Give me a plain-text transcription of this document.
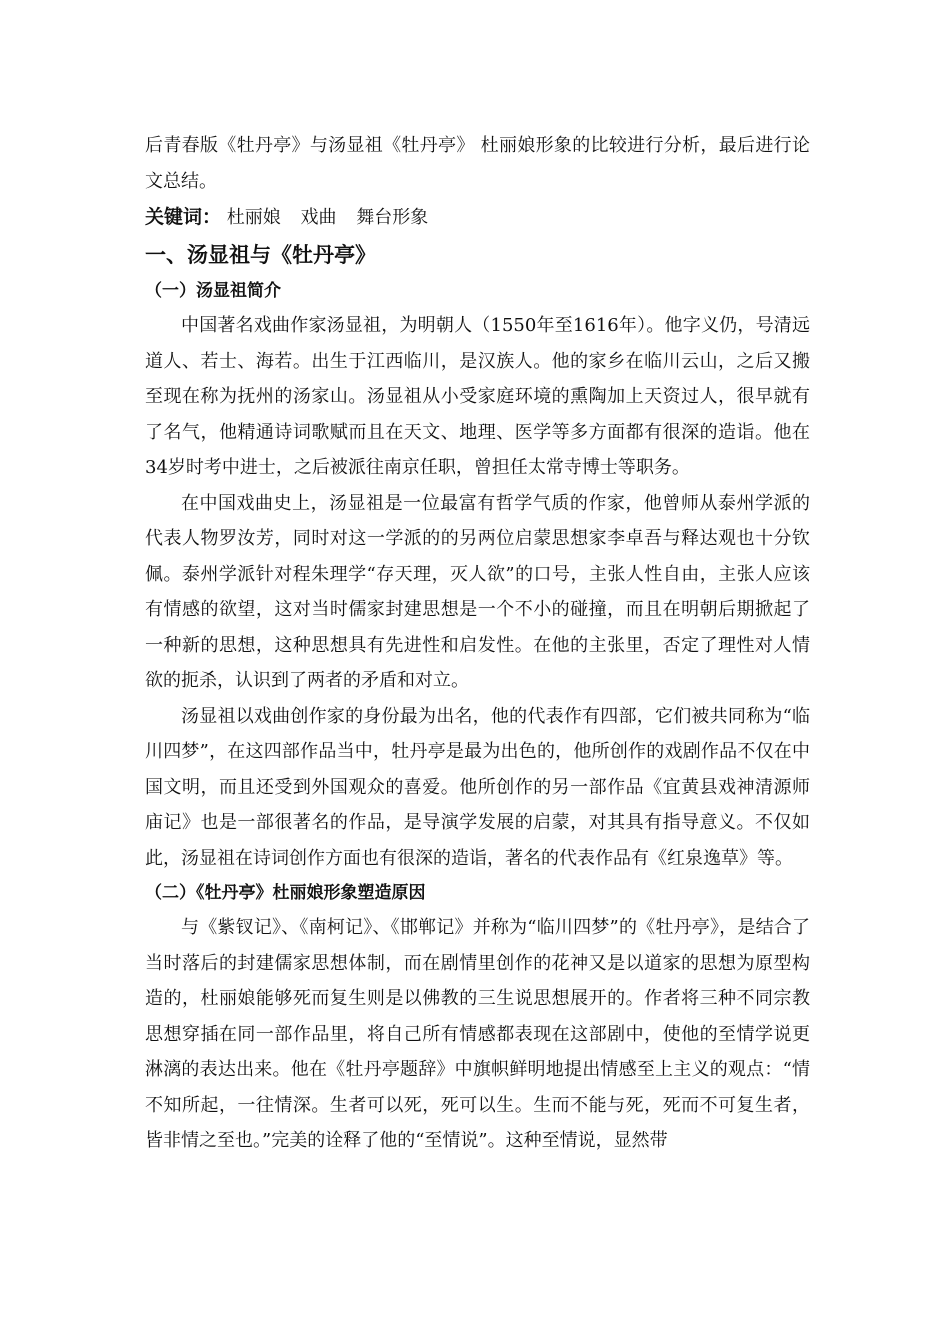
后青春版《牡丹亭》与汤显祖《牡丹亭》 杜丽娘形象的比较进行分析，最后进行论文总结。

关键词： 杜丽娘 戏曲 舞台形象
一、汤显祖与《牡丹亭》
（一）汤显祖简介

中国著名戏曲作家汤显祖，为明朝人（1550年至1616年）。他字义仍，号清远道人、若士、海若。出生于江西临川，是汉族人。他的家乡在临川云山，之后又搬至现在称为抚州的汤家山。汤显祖从小受家庭环境的熏陶加上天资过人，很早就有了名气，他精通诗词歌赋而且在天文、地理、医学等多方面都有很深的造诣。他在34岁时考中进士，之后被派往南京任职，曾担任太常寺博士等职务。

在中国戏曲史上，汤显祖是一位最富有哲学气质的作家，他曾师从泰州学派的代表人物罗汝芳，同时对这一学派的的另两位启蒙思想家李卓吾与释达观也十分钦佩。泰州学派针对程朱理学“存天理，灭人欲”的口号，主张人性自由，主张人应该有情感的欲望，这对当时儒家封建思想是一个不小的碰撞，而且在明朝后期掀起了一种新的思想，这种思想具有先进性和启发性。在他的主张里，否定了理性对人情欲的扼杀，认识到了两者的矛盾和对立。

汤显祖以戏曲创作家的身份最为出名，他的代表作有四部，它们被共同称为“临川四梦”，在这四部作品当中，牡丹亭是最为出色的，他所创作的戏剧作品不仅在中国文明，而且还受到外国观众的喜爱。他所创作的另一部作品《宜黄县戏神清源师庙记》也是一部很著名的作品，是导演学发展的启蒙，对其具有指导意义。不仅如此，汤显祖在诗词创作方面也有很深的造诣，著名的代表作品有《红泉逸草》等。

（二）《牡丹亭》杜丽娘形象塑造原因

与《紫钗记》、《南柯记》、《邯郸记》并称为“临川四梦”的《牡丹亭》，是结合了当时落后的封建儒家思想体制，而在剧情里创作的花神又是以道家的思想为原型构造的，杜丽娘能够死而复生则是以佛教的三生说思想展开的。作者将三种不同宗教思想穿插在同一部作品里，将自己所有情感都表现在这部剧中，使他的至情学说更淋漓的表达出来。他在《牡丹亭题辞》中旗帜鲜明地提出情感至上主义的观点：“情不知所起，一往情深。生者可以死，死可以生。生而不能与死，死而不可复生者，皆非情之至也。”完美的诠释了他的“至情说”。这种至情说，显然带
